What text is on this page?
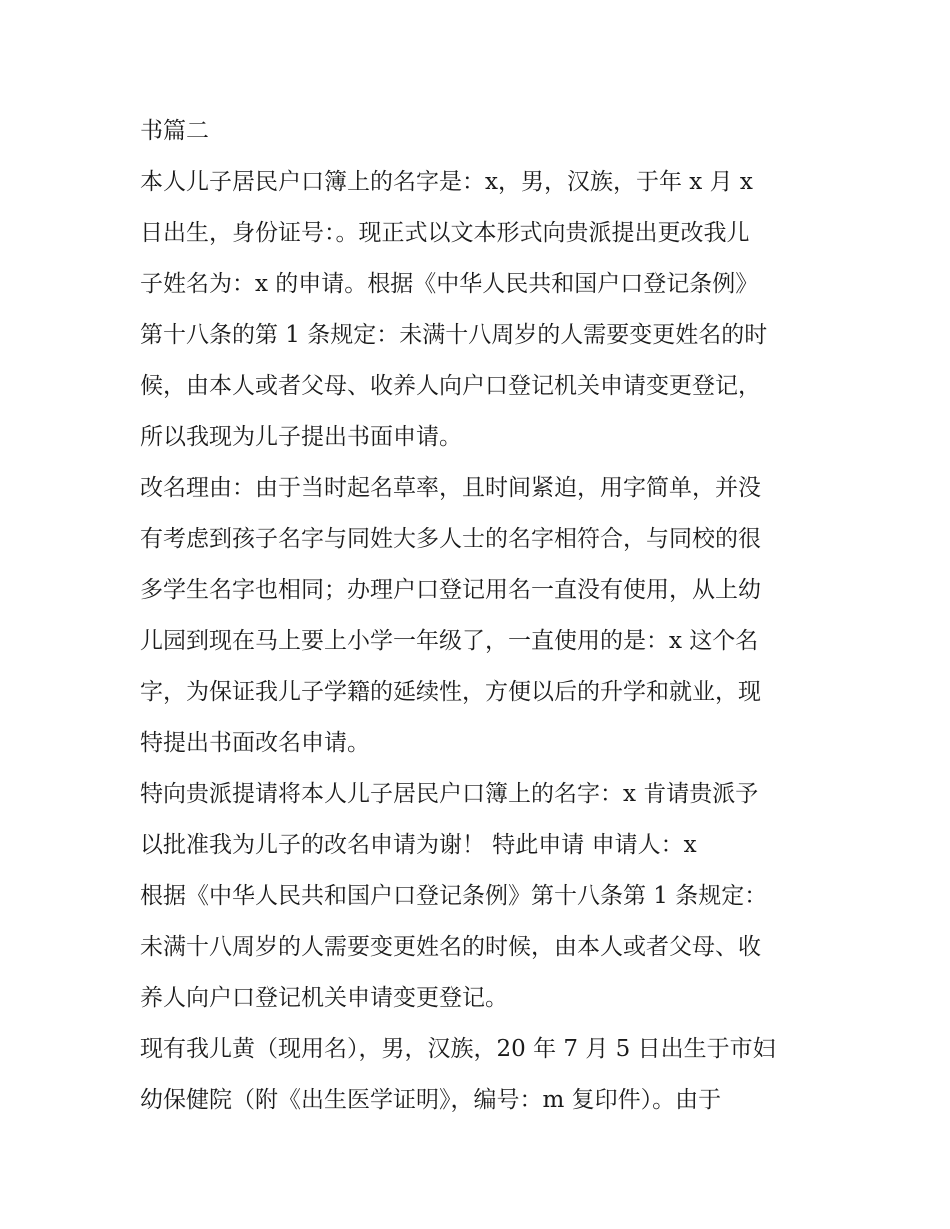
书篇二
本人儿子居民户口簿上的名字是：x，男，汉族，于年 x 月 x
日出生，身份证号：。现正式以文本形式向贵派提出更改我儿
子姓名为：x 的申请。根据《中华人民共和国户口登记条例》
第十八条的第 1 条规定：未满十八周岁的人需要变更姓名的时
候，由本人或者父母、收养人向户口登记机关申请变更登记，
所以我现为儿子提出书面申请。
改名理由：由于当时起名草率，且时间紧迫，用字简单，并没
有考虑到孩子名字与同姓大多人士的名字相符合，与同校的很
多学生名字也相同；办理户口登记用名一直没有使用，从上幼
儿园到现在马上要上小学一年级了，一直使用的是：x 这个名
字，为保证我儿子学籍的延续性，方便以后的升学和就业，现
特提出书面改名申请。
特向贵派提请将本人儿子居民户口簿上的名字：x 肯请贵派予
以批准我为儿子的改名申请为谢！ 特此申请 申请人：x
根据《中华人民共和国户口登记条例》第十八条第 1 条规定：
未满十八周岁的人需要变更姓名的时候，由本人或者父母、收
养人向户口登记机关申请变更登记。
现有我儿黄（现用名），男，汉族，20 年 7 月 5 日出生于市妇
幼保健院（附《出生医学证明》，编号：m 复印件）。由于
